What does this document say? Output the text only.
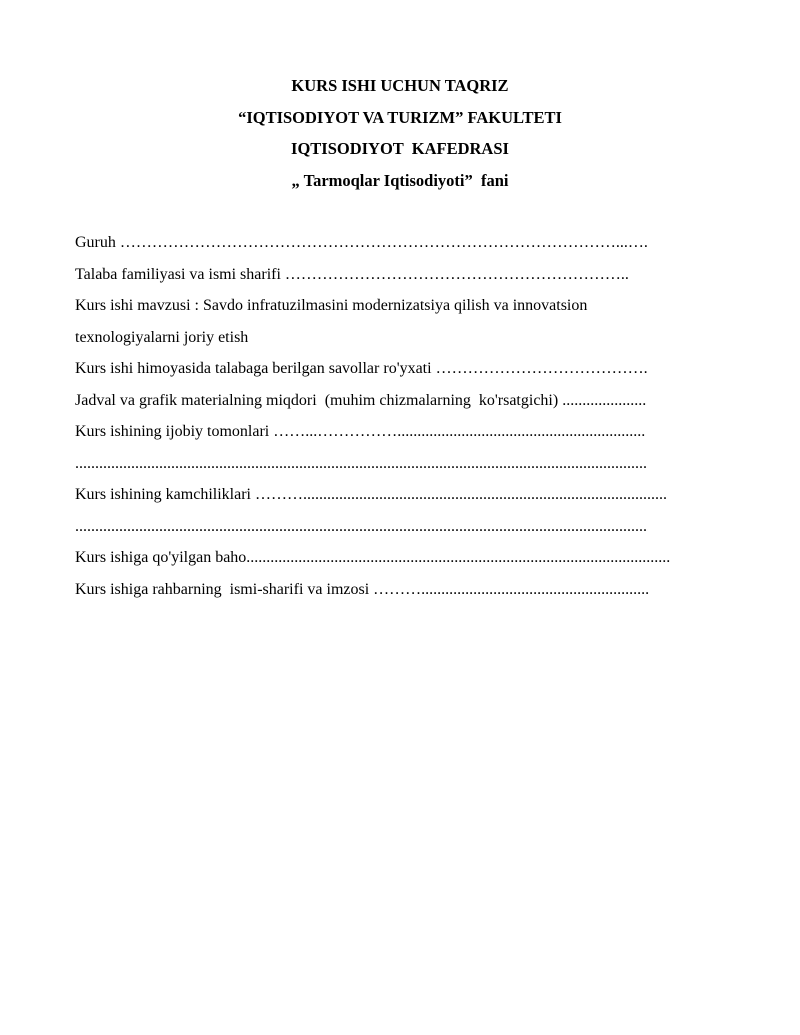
KURS ISHI UCHUN TAQRIZ
“IQTISODIYOT VA TURIZM” FAKULTETI
IQTISODIYOT  KAFEDRASI
„ Tarmoqlar Iqtisodiyoti”  fani
Guruh …………………………………………………………………………………...….
Talaba familiyasi va ismi sharifi ………………………………………………………..
Kurs ishi mavzusi : Savdo infratuzilmasini modernizatsiya qilish va innovatsion
texnologiyalarni joriy etish
Kurs ishi himoyasida talabaga berilgan savollar ro'yxati ………………………………….
Jadval va grafik materialning miqdori  (muhim chizmalarning  ko'rsatgichi) .....................
Kurs ishining ijobiy tomonlari ……...……………..............................................................
...............................................................................................................................................
Kurs ishining kamchiliklari ………...........................................................................................
...............................................................................................................................................
Kurs ishiga qo'yilgan baho..........................................................................................................
Kurs ishiga rahbarning  ismi-sharifi va imzosi ……….........................................................
